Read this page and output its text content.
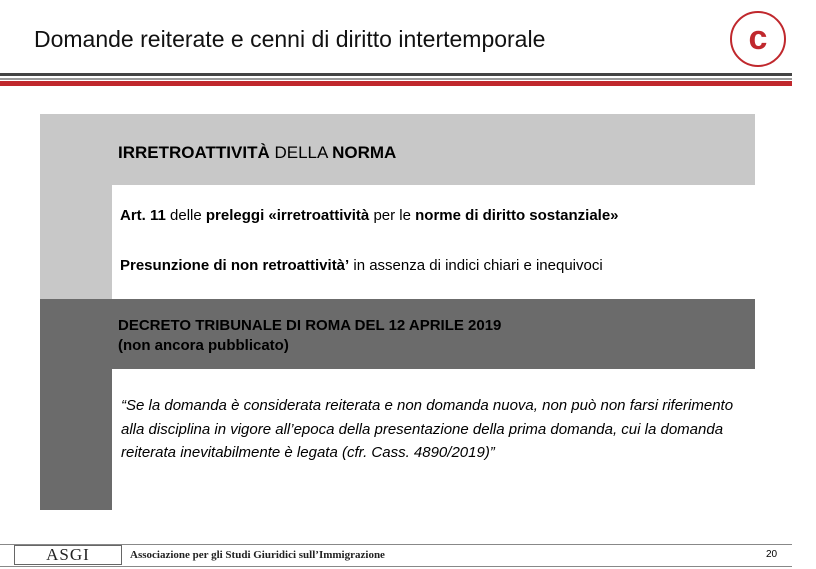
Domande reiterate e cenni di diritto intertemporale	c
IRRETROATTIVITÀ DELLA NORMA
Art. 11 delle preleggi «irretroattività per le norme di diritto sostanziale»
Presunzione di non retroattività’ in assenza di indici chiari e inequivoci
DECRETO TRIBUNALE DI ROMA DEL 12 APRILE 2019
(non ancora pubblicato)
“Se la domanda è considerata reiterata e non domanda nuova, non può non farsi riferimento alla disciplina in vigore all’epoca della presentazione della prima domanda, cui la domanda reiterata inevitabilmente è legata (cfr. Cass. 4890/2019)”
ASGI	Associazione per gli Studi Giuridici sull’Immigrazione	20
